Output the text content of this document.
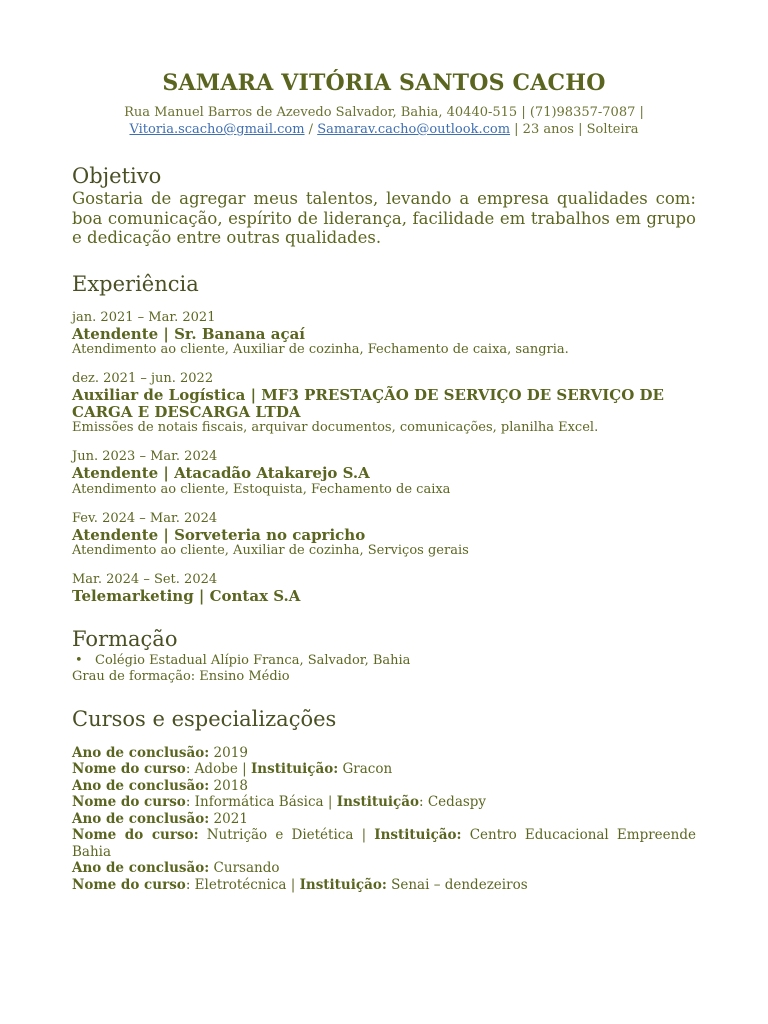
SAMARA VITÓRIA SANTOS CACHO
Rua Manuel Barros de Azevedo Salvador, Bahia, 40440-515 | (71)98357-7087 |
Vitoria.scacho@gmail.com / Samarav.cacho@outlook.com | 23 anos | Solteira
Objetivo
Gostaria de agregar meus talentos, levando a empresa qualidades com: boa comunicação, espírito de liderança, facilidade em trabalhos em grupo e dedicação entre outras qualidades.
Experiência
jan. 2021 – Mar. 2021
Atendente | Sr. Banana açaí
Atendimento ao cliente, Auxiliar de cozinha, Fechamento de caixa, sangria.
dez. 2021 – jun. 2022
Auxiliar de Logística | MF3 PRESTAÇÃO DE SERVIÇO DE SERVIÇO DE CARGA E DESCARGA LTDA
Emissões de notais fiscais, arquivar documentos, comunicações, planilha Excel.
Jun. 2023 – Mar. 2024
Atendente | Atacadão Atakarejo S.A
Atendimento ao cliente, Estoquista, Fechamento de caixa
Fev. 2024 – Mar. 2024
Atendente | Sorveteria no capricho
Atendimento ao cliente, Auxiliar de cozinha, Serviços gerais
Mar. 2024 – Set. 2024
Telemarketing | Contax S.A
Formação
• Colégio Estadual Alípio Franca, Salvador, Bahia
Grau de formação: Ensino Médio
Cursos e especializações
Ano de conclusão: 2019
Nome do curso: Adobe | Instituição: Gracon
Ano de conclusão: 2018
Nome do curso: Informática Básica | Instituição: Cedaspy
Ano de conclusão: 2021
Nome do curso: Nutrição e Dietética | Instituição: Centro Educacional Empreende Bahia
Ano de conclusão: Cursando
Nome do curso: Eletrotécnica | Instituição: Senai – dendezeiros
